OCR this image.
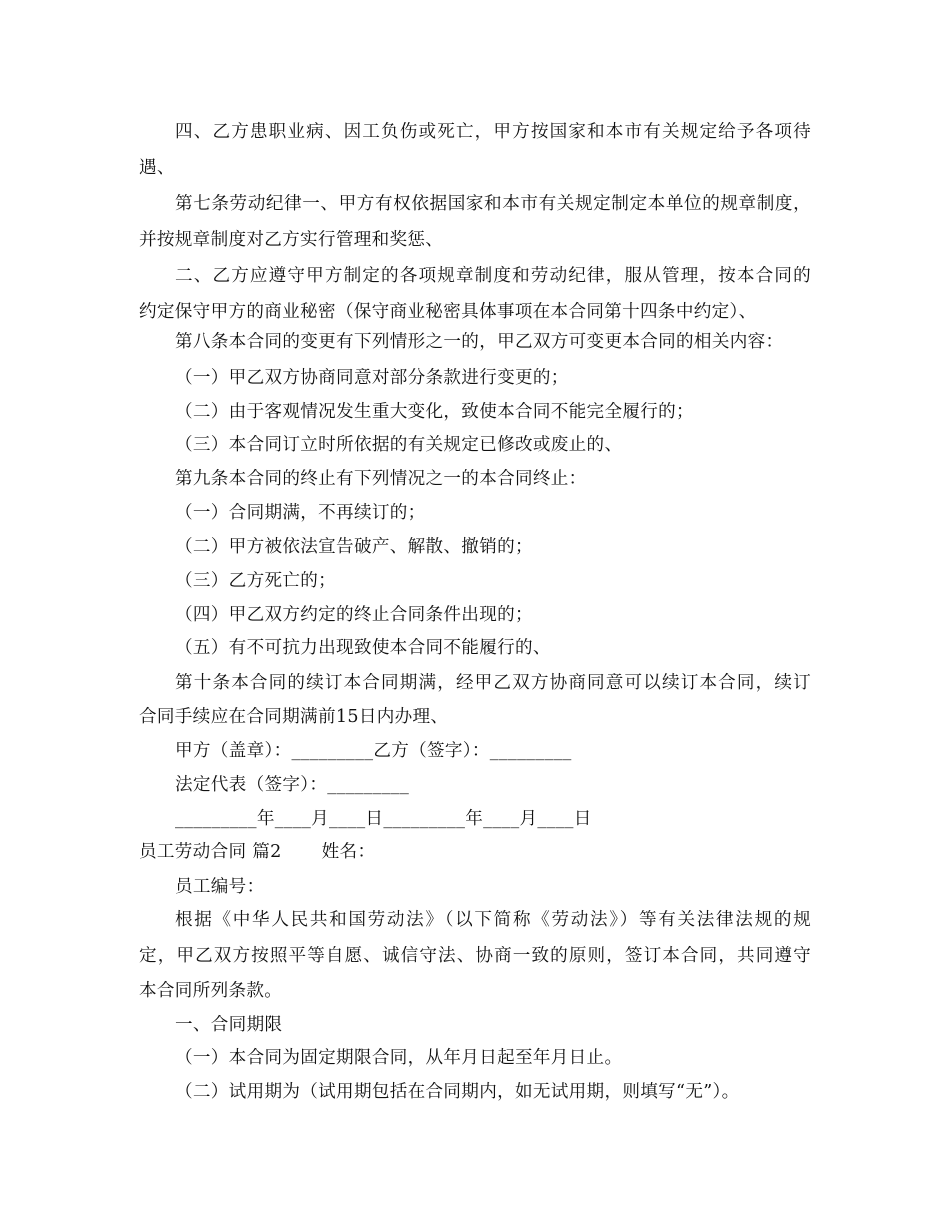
四、乙方患职业病、因工负伤或死亡，甲方按国家和本市有关规定给予各项待
遇、
第七条劳动纪律一、甲方有权依据国家和本市有关规定制定本单位的规章制度，
并按规章制度对乙方实行管理和奖惩、
二、乙方应遵守甲方制定的各项规章制度和劳动纪律，服从管理，按本合同的
约定保守甲方的商业秘密（保守商业秘密具体事项在本合同第十四条中约定）、
第八条本合同的变更有下列情形之一的，甲乙双方可变更本合同的相关内容：
（一）甲乙双方协商同意对部分条款进行变更的；
（二）由于客观情况发生重大变化，致使本合同不能完全履行的；
（三）本合同订立时所依据的有关规定已修改或废止的、
第九条本合同的终止有下列情况之一的本合同终止：
（一）合同期满，不再续订的；
（二）甲方被依法宣告破产、解散、撤销的；
（三）乙方死亡的；
（四）甲乙双方约定的终止合同条件出现的；
（五）有不可抗力出现致使本合同不能履行的、
第十条本合同的续订本合同期满，经甲乙双方协商同意可以续订本合同，续订
合同手续应在合同期满前15日内办理、
甲方（盖章）：_________乙方（签字）：_________
法定代表（签字）：_________
_________年____月____日_________年____月____日
员工劳动合同 篇2 姓名：
员工编号：
根据《中华人民共和国劳动法》（以下简称《劳动法》）等有关法律法规的规
定，甲乙双方按照平等自愿、诚信守法、协商一致的原则，签订本合同，共同遵守
本合同所列条款。
一、合同期限
（一）本合同为固定期限合同，从年月日起至年月日止。
（二）试用期为（试用期包括在合同期内，如无试用期，则填写“无”）。
